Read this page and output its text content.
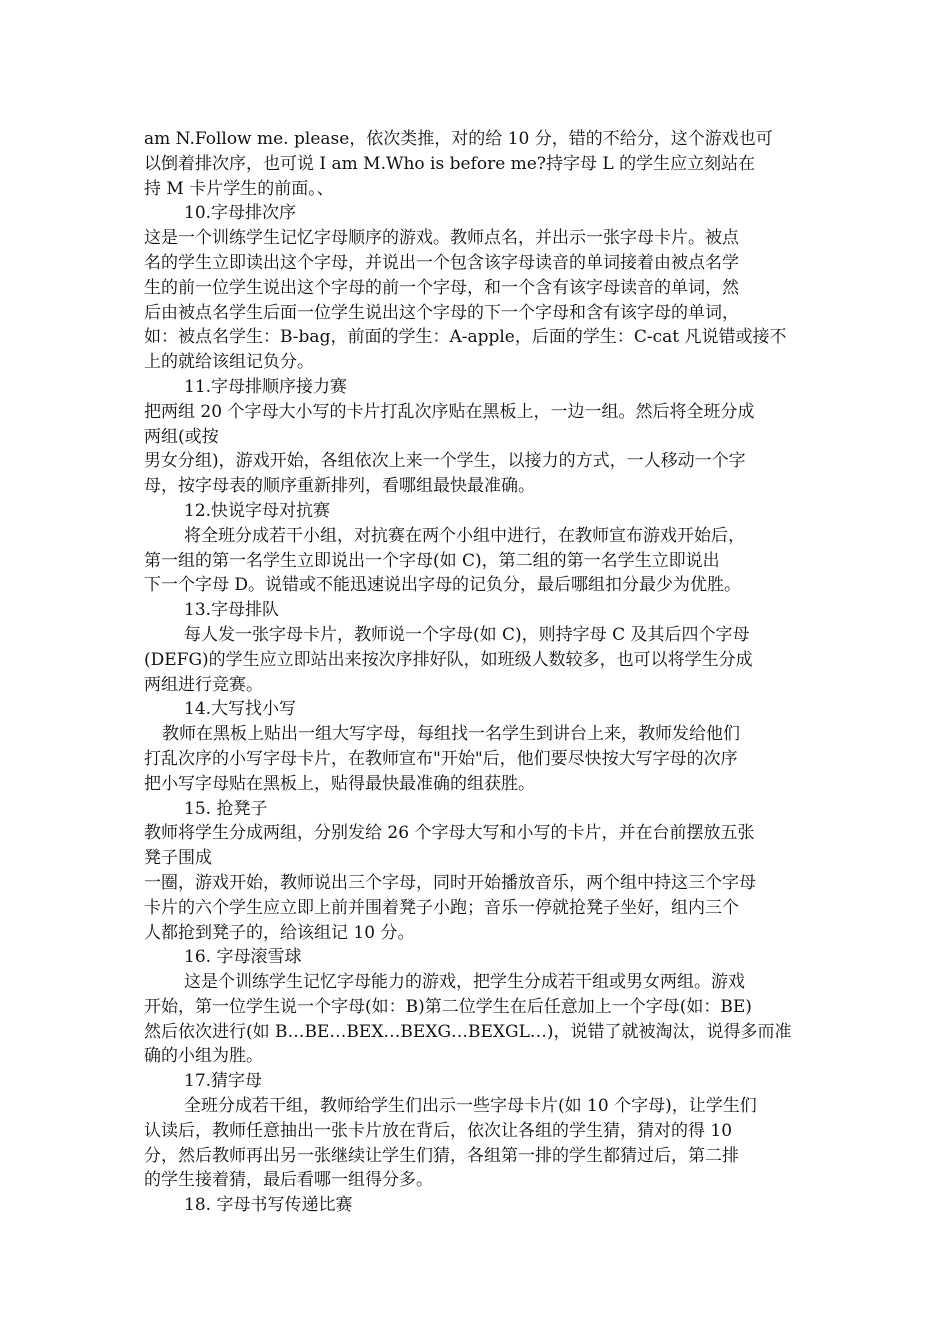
am N.Follow me. please，依次类推，对的给 10 分，错的不给分，这个游戏也可
以倒着排次序，也可说 I am M.Who is before me?持字母 L 的学生应立刻站在
持 M 卡片学生的前面。、
10.字母排次序
这是一个训练学生记忆字母顺序的游戏。教师点名，并出示一张字母卡片。被点
名的学生立即读出这个字母，并说出一个包含该字母读音的单词接着由被点名学
生的前一位学生说出这个字母的前一个字母，和一个含有该字母读音的单词，然
后由被点名学生后面一位学生说出这个字母的下一个字母和含有该字母的单词，
如：被点名学生：B-bag，前面的学生：A-apple，后面的学生：C-cat 凡说错或接不
上的就给该组记负分。
11.字母排顺序接力赛
把两组 20 个字母大小写的卡片打乱次序贴在黑板上，一边一组。然后将全班分成
两组(或按
男女分组)，游戏开始，各组依次上来一个学生，以接力的方式，一人移动一个字
母，按字母表的顺序重新排列，看哪组最快最准确。
12.快说字母对抗赛
将全班分成若干小组，对抗赛在两个小组中进行，在教师宣布游戏开始后，
第一组的第一名学生立即说出一个字母(如 C)，第二组的第一名学生立即说出
下一个字母 D。说错或不能迅速说出字母的记负分，最后哪组扣分最少为优胜。
13.字母排队
每人发一张字母卡片，教师说一个字母(如 C)，则持字母 C 及其后四个字母
(DEFG)的学生应立即站出来按次序排好队，如班级人数较多，也可以将学生分成
两组进行竞赛。
14.大写找小写
教师在黑板上贴出一组大写字母，每组找一名学生到讲台上来，教师发给他们
打乱次序的小写字母卡片，在教师宣布"开始"后，他们要尽快按大写字母的次序
把小写字母贴在黑板上，贴得最快最准确的组获胜。
15. 抢凳子
教师将学生分成两组，分别发给 26 个字母大写和小写的卡片，并在台前摆放五张
凳子围成
一圈，游戏开始，教师说出三个字母，同时开始播放音乐，两个组中持这三个字母
卡片的六个学生应立即上前并围着凳子小跑；音乐一停就抢凳子坐好，组内三个
人都抢到凳子的，给该组记 10 分。
16. 字母滚雪球
这是个训练学生记忆字母能力的游戏，把学生分成若干组或男女两组。游戏
开始，第一位学生说一个字母(如：B)第二位学生在后任意加上一个字母(如：BE)
然后依次进行(如 B…BE…BEX…BEXG…BEXGL…)，说错了就被淘汰，说得多而准
确的小组为胜。
17.猜字母
全班分成若干组，教师给学生们出示一些字母卡片(如 10 个字母)，让学生们
认读后，教师任意抽出一张卡片放在背后，依次让各组的学生猜，猜对的得 10
分，然后教师再出另一张继续让学生们猜，各组第一排的学生都猜过后，第二排
的学生接着猜，最后看哪一组得分多。
18. 字母书写传递比赛
